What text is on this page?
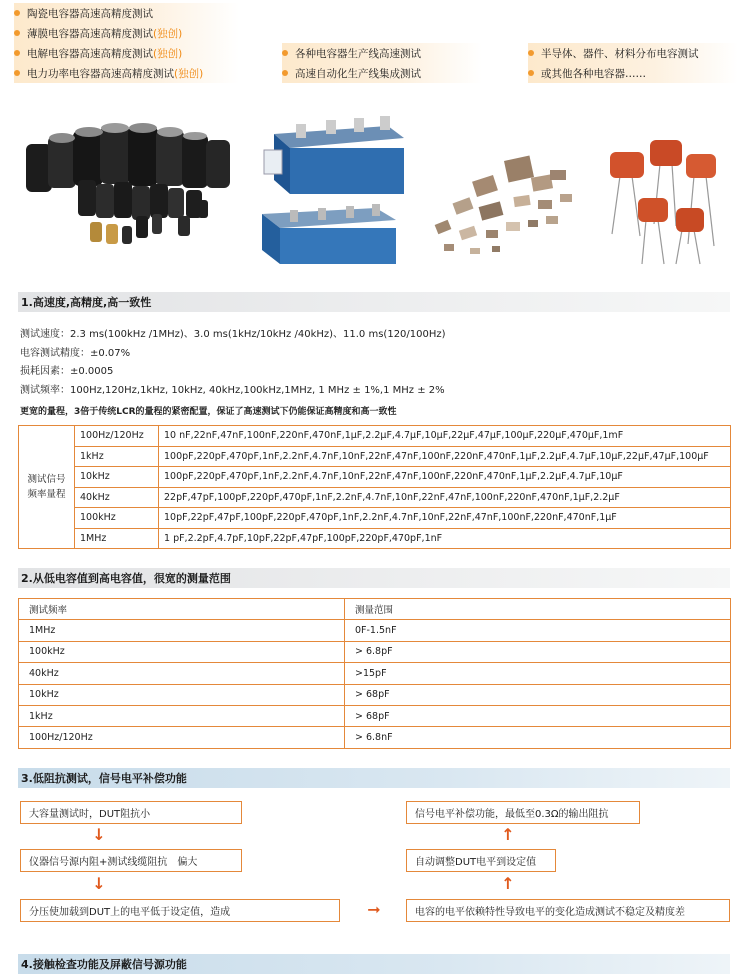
陶瓷电容器高速高精度测试
薄膜电容器高速高精度测试 (独创)
电解电容器高速高精度测试 (独创)
电力功率电容器高速高精度测试 (独创)
各种电容器生产线高速测试
高速自动化生产线集成测试
半导体、器件、材料分布电容测试
或其他各种电容器……
1.高速度,高精度,高一致性
测试速度：2.3 ms(100kHz /1MHz)、3.0 ms(1kHz/10kHz /40kHz)、11.0 ms(120/100Hz)
电容测试精度：±0.07%
损耗因素：±0.0005
测试频率：100Hz,120Hz,1kHz, 10kHz, 40kHz,100kHz,1MHz, 1 MHz ± 1%,1 MHz ± 2%
更宽的量程，3倍于传统LCR的量程的紧密配置，保证了高速测试下仍能保证高精度和高一致性
测试信号频率量程	100Hz/120Hz	10 nF,22nF,47nF,100nF,220nF,470nF,1μF,2.2μF,4.7μF,10μF,22μF,47μF,100μF,220μF,470μF,1mF
	1kHz	100pF,220pF,470pF,1nF,2.2nF,4.7nF,10nF,22nF,47nF,100nF,220nF,470nF,1μF,2.2μF,4.7μF,10μF,22μF,47μF,100μF
	10kHz	100pF,220pF,470pF,1nF,2.2nF,4.7nF,10nF,22nF,47nF,100nF,220nF,470nF,1μF,2.2μF,4.7μF,10μF
	40kHz	22pF,47pF,100pF,220pF,470pF,1nF,2.2nF,4.7nF,10nF,22nF,47nF,100nF,220nF,470nF,1μF,2.2μF
	100kHz	10pF,22pF,47pF,100pF,220pF,470pF,1nF,2.2nF,4.7nF,10nF,22nF,47nF,100nF,220nF,470nF,1μF
	1MHz	1 pF,2.2pF,4.7pF,10pF,22pF,47pF,100pF,220pF,470pF,1nF
2.从低电容值到高电容值，很宽的测量范围
测试频率	测量范围
1MHz	0F-1.5nF
100kHz	> 6.8pF
40kHz	>15pF
10kHz	> 68pF
1kHz	> 68pF
100Hz/120Hz	> 6.8nF
3.低阻抗测试，信号电平补偿功能
大容量测试时，DUT阻抗小
↓
仪器信号源内阻+测试线缆阻抗　偏大
↓
分压使加载到DUT上的电平低于设定值，造成	➞
信号电平补偿功能，最低至0.3Ω的输出阻抗
↑
自动调整DUT电平到设定值
↑
电容的电平依赖特性导致电平的变化造成测试不稳定及精度差
4.接触检查功能及屏蔽信号源功能
